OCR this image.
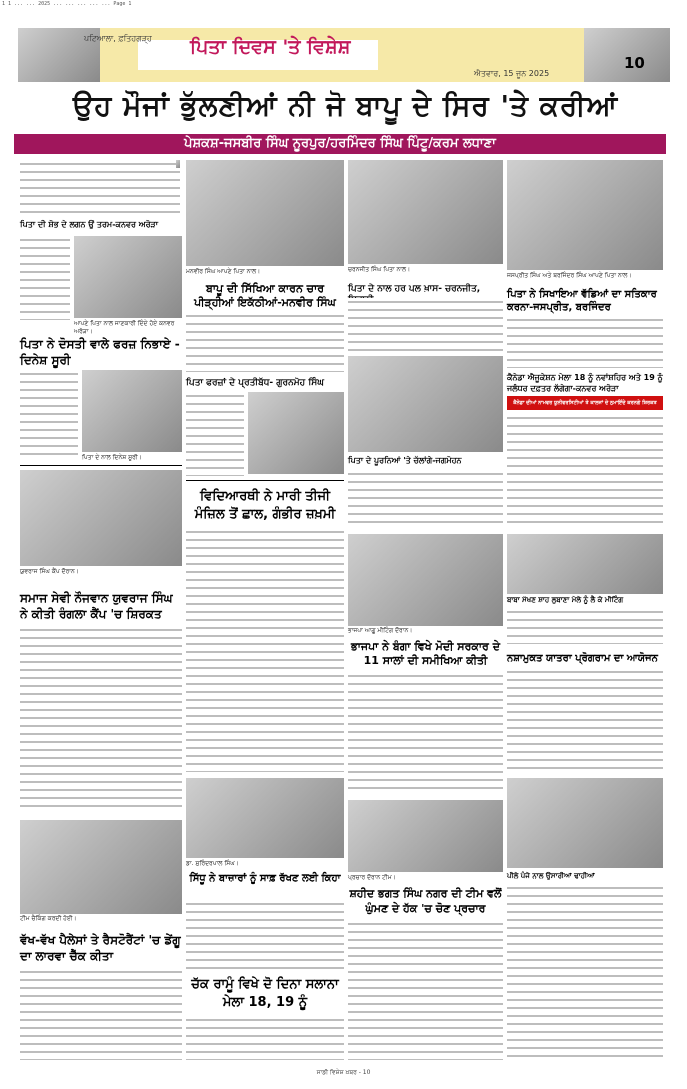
1 1 ... ... 2025 ... ... ... ... ... Page 1
ਪਟਿਆਲਾ, ਫ਼ਤਿਹਗੜ੍ਹ ਪਿਤਾ ਦਿਵਸ 'ਤੇ ਵਿਸ਼ੇਸ਼
ਐਤਵਾਰ, 15 ਜੂਨ 2025
10
ਉਹ ਮੌਜਾਂ ਭੁੱਲਣੀਆਂ ਨੀ ਜੋ ਬਾਪੂ ਦੇ ਸਿਰ 'ਤੇ ਕਰੀਆਂ
ਪੇਸ਼ਕਸ਼-ਜਸਬੀਰ ਸਿੰਘ ਨੂਰਪੁਰ/ਹਰਮਿੰਦਰ ਸਿੰਘ ਪਿੰਟੂ/ਕਰਮ ਲਧਾਣਾ
ਪਿਤਾ ਦੀ ਸ਼ੋਭ ਦੇ ਲਗਨ ਉਂ ਤਰਮ-ਕਨਵਰ ਅਰੋੜਾ
ਆਪਣੇ ਪਿਤਾ ਨਾਲ ਜਾਣਕਾਰੀ ਦਿੰਦੇ ਹੋਏ ਕਨਵਰ ਅਰੋੜਾ।
ਪਿਤਾ ਨੇ ਦੋਸਤੀ ਵਾਲੇ ਫਰਜ਼ ਨਿਭਾਏ - ਦਿਨੇਸ਼ ਸੂਰੀ
ਪਿਤਾ ਦੇ ਨਾਲ ਦਿਨੇਸ਼ ਸੂਰੀ।
ਯੁਵਰਾਜ ਸਿੰਘ ਕੈਂਪ ਦੌਰਾਨ।
ਸਮਾਜ ਸੇਵੀ ਨੌਜਵਾਨ ਯੁਵਰਾਜ ਸਿੰਘ ਨੇ ਕੀਤੀ ਰੰਗਲਾ ਕੈਂਪ 'ਚ ਸ਼ਿਰਕਤ
ਟੀਮ ਚੈਕਿੰਗ ਕਰਦੀ ਹੋਈ।
ਵੱਖ-ਵੱਖ ਪੈਲੇਸਾਂ ਤੇ ਰੈਸਟੋਰੈਂਟਾਂ 'ਚ ਡੇਂਗੂ ਦਾ ਲਾਰਵਾ ਚੈੱਕ ਕੀਤਾ
ਮਨਵੀਰ ਸਿੰਘ ਆਪਣੇ ਪਿਤਾ ਨਾਲ।
ਬਾਪੂ ਦੀ ਸਿੱਖਿਆ ਕਾਰਨ ਚਾਰ ਪੀੜ੍ਹੀਆਂ ਇਕੱਠੀਆਂ-ਮਨਵੀਰ ਸਿੰਘ
ਪਿਤਾ ਫਰਜ਼ਾਂ ਦੇ ਪ੍ਰਤੀਬੱਧ- ਗੁਰਨਮੋਹ ਸਿੰਘ
ਵਿਦਿਆਰਥੀ ਨੇ ਮਾਰੀ ਤੀਜੀ ਮੰਜ਼ਿਲ ਤੋਂ ਛਾਲ, ਗੰਭੀਰ ਜ਼ਖ਼ਮੀ
ਡਾ. ਸੁਰਿੰਦਰਪਾਲ ਸਿੰਘ।
ਸਿੱਧੂ ਨੇ ਬਾਜ਼ਾਰਾਂ ਨੂੰ ਸਾਫ਼ ਰੱਖਣ ਲਈ ਕਿਹਾ
ਚੱਕ ਰਾਮੂੰ ਵਿਖੇ ਦੋ ਦਿਨਾ ਸਲਾਨਾ ਮੇਲਾ 18, 19 ਨੂੰ
ਚਰਨਜੀਤ ਸਿੰਘ ਪਿਤਾ ਨਾਲ।
ਪਿਤਾ ਦੇ ਨਾਲ ਹਰ ਪਲ ਖ਼ਾਸ- ਚਰਨਜੀਤ,
ਪਿਤਾ ਦੇ ਪੂਰਨਿਆਂ 'ਤੇ ਚੱਲਾਂਗੇ-ਜਗਮੋਹਨ
ਭਾਜਪਾ ਆਗੂ ਮੀਟਿੰਗ ਦੌਰਾਨ।
ਭਾਜਪਾ ਨੇ ਬੰਗਾ ਵਿਖੇ ਮੋਦੀ ਸਰਕਾਰ ਦੇ 11 ਸਾਲਾਂ ਦੀ ਸਮੀਖਿਆ ਕੀਤੀ
ਪ੍ਰਚਾਰ ਦੌਰਾਨ ਟੀਮ।
ਸ਼ਹੀਦ ਭਗਤ ਸਿੰਘ ਨਗਰ ਦੀ ਟੀਮ ਵਲੋਂ ਘੁੰਮਣ ਦੇ ਹੱਕ 'ਚ ਚੋਣ ਪ੍ਰਚਾਰ
ਜਸਪ੍ਰੀਤ ਸਿੰਘ ਅਤੇ ਬਰਜਿੰਦਰ ਸਿੰਘ ਆਪਣੇ ਪਿਤਾ ਨਾਲ।
ਪਿਤਾ ਨੇ ਸਿਖਾਇਆ ਵੱਡਿਆਂ ਦਾ ਸਤਿਕਾਰ ਕਰਨਾ-ਜਸਪ੍ਰੀਤ, ਬਰਜਿੰਦਰ
ਕੈਨੇਡਾ ਐਜੂਕੇਸ਼ਨ ਮੇਲਾ 18 ਨੂੰ ਨਵਾਂਸ਼ਹਿਰ ਅਤੇ 19 ਨੂੰ ਜਲੰਧਰ ਦਫ਼ਤਰ ਲੱਗੇਗਾ-ਕਨਵਰ ਅਰੋੜਾ
ਕੈਨੇਡਾ ਦੀਆਂ ਨਾਮਵਰ ਯੂਨੀਵਰਸਿਟੀਆਂ ਤੇ ਕਾਲਜਾਂ ਦੇ ਨੁਮਾਇੰਦੇ ਕਰਨਗੇ ਸ਼ਿਰਕਤ
ਬਾਬਾ ਮੱਖਣ ਸ਼ਾਹ ਲੁਬਾਣਾ ਮੇਲੇ ਨੂੰ ਲੈ ਕੇ ਮੀਟਿੰਗ
ਨਸ਼ਾਮੁਕਤ ਯਾਤਰਾ ਪ੍ਰੋਗਰਾਮ ਦਾ ਆਯੋਜਨ
ਪੀਲੇ ਪੰਜੇ ਨਾਲ ਉਸਾਰੀਆਂ ਢਾਹੀਆਂ
ਸਾਡੀ ਵਿਸ਼ੇਸ਼ ਖ਼ਬਰ - 10
